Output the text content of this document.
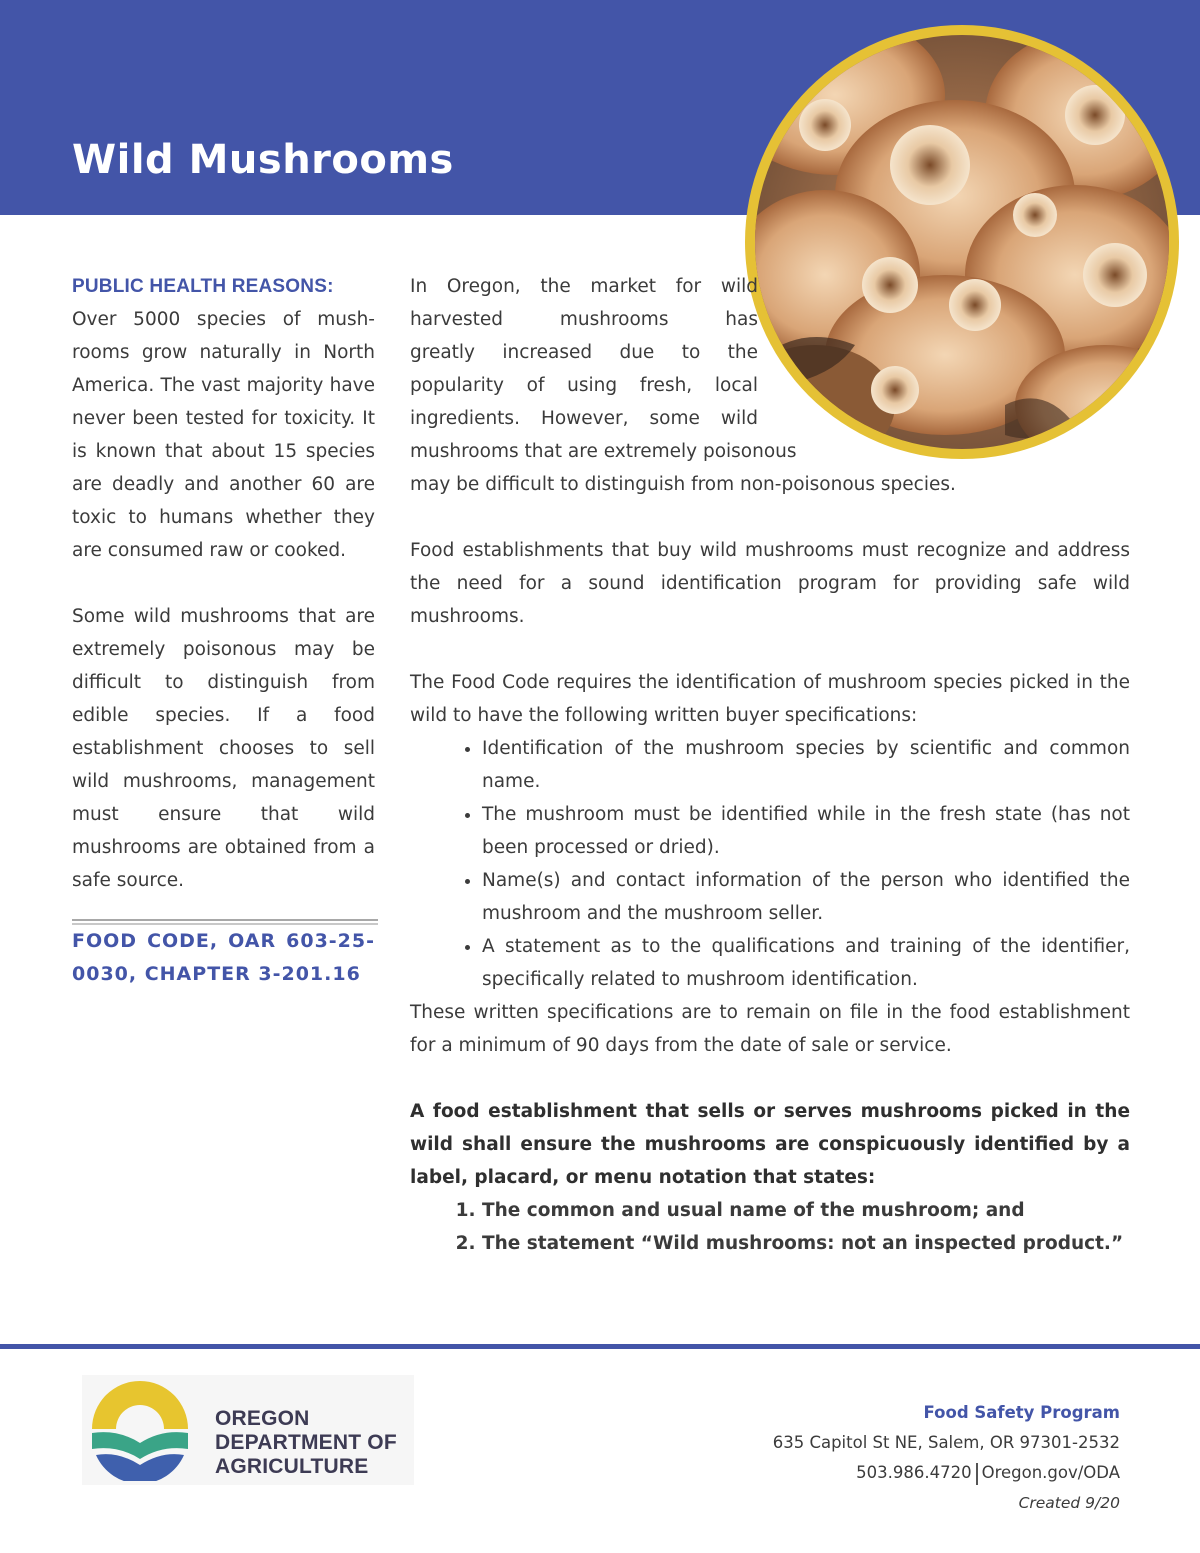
Wild Mushrooms

PUBLIC HEALTH REASONS:

Over 5000 species of mush-rooms grow naturally in North America. The vast majority have never been tested for toxicity. It is known that about 15 species are deadly and another 60 are toxic to humans whether they are consumed raw or cooked.

Some wild mushrooms that are extremely poisonous may be difficult to distinguish from edible species. If a food establishment chooses to sell wild mushrooms, management must ensure that wild mushrooms are obtained from a safe source.

FOOD CODE, OAR 603-25-0030, CHAPTER 3-201.16

In Oregon, the market for wild
harvested mushrooms has
greatly increased due to the
popularity of using fresh, local
ingredients. However, some wild
mushrooms that are extremely poisonous
may be difficult to distinguish from non-poisonous species.

Food establishments that buy wild mushrooms must recognize and address the need for a sound identification program for providing safe wild mushrooms.

The Food Code requires the identification of mushroom species picked in the wild to have the following written buyer specifications:

• Identification of the mushroom species by scientific and common name.
• The mushroom must be identified while in the fresh state (has not been processed or dried).
• Name(s) and contact information of the person who identified the mushroom and the mushroom seller.
• A statement as to the qualifications and training of the identifier, specifically related to mushroom identification.

These written specifications are to remain on file in the food establishment for a minimum of 90 days from the date of sale or service.

A food establishment that sells or serves mushrooms picked in the wild shall ensure the mushrooms are conspicuously identified by a label, placard, or menu notation that states:

1. The common and usual name of the mushroom; and
2. The statement “Wild mushrooms: not an inspected product.”
OREGON
DEPARTMENT OF
AGRICULTURE
Food Safety Program
635 Capitol St NE, Salem, OR 97301-2532
503.986.4720 Oregon.gov/ODA
Created 9/20
